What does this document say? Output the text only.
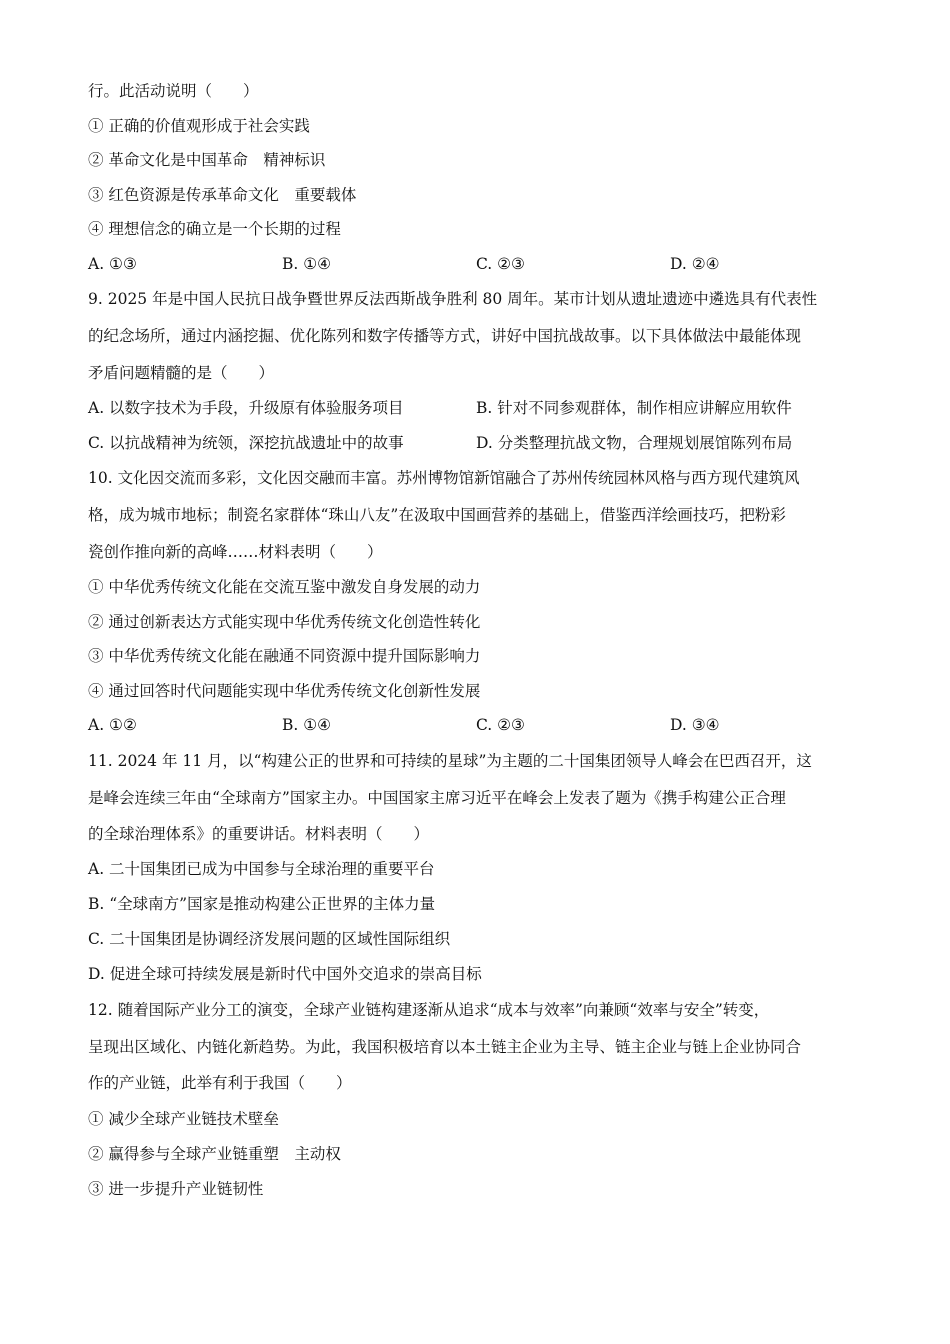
行。此活动说明（　　）
① 正确的价值观形成于社会实践
② 革命文化是中国革命　精神标识
③ 红色资源是传承革命文化　重要载体
④ 理想信念的确立是一个长期的过程
A. ①③	B. ①④	C. ②③	D. ②④
9. 2025 年是中国人民抗日战争暨世界反法西斯战争胜利 80 周年。某市计划从遗址遗迹中遴选具有代表性
的纪念场所，通过内涵挖掘、优化陈列和数字传播等方式，讲好中国抗战故事。以下具体做法中最能体现
矛盾问题精髓的是（　　）
A. 以数字技术为手段，升级原有体验服务项目	B. 针对不同参观群体，制作相应讲解应用软件
C. 以抗战精神为统领，深挖抗战遗址中的故事	D. 分类整理抗战文物，合理规划展馆陈列布局
10. 文化因交流而多彩，文化因交融而丰富。苏州博物馆新馆融合了苏州传统园林风格与西方现代建筑风
格，成为城市地标；制瓷名家群体“珠山八友”在汲取中国画营养的基础上，借鉴西洋绘画技巧，把粉彩
瓷创作推向新的高峰……材料表明（　　）
① 中华优秀传统文化能在交流互鉴中激发自身发展的动力
② 通过创新表达方式能实现中华优秀传统文化创造性转化
③ 中华优秀传统文化能在融通不同资源中提升国际影响力
④ 通过回答时代问题能实现中华优秀传统文化创新性发展
A. ①②	B. ①④	C. ②③	D. ③④
11. 2024 年 11 月，以“构建公正的世界和可持续的星球”为主题的二十国集团领导人峰会在巴西召开，这
是峰会连续三年由“全球南方”国家主办。中国国家主席习近平在峰会上发表了题为《携手构建公正合理
的全球治理体系》的重要讲话。材料表明（　　）
A. 二十国集团已成为中国参与全球治理的重要平台
B. “全球南方”国家是推动构建公正世界的主体力量
C. 二十国集团是协调经济发展问题的区域性国际组织
D. 促进全球可持续发展是新时代中国外交追求的崇高目标
12. 随着国际产业分工的演变，全球产业链构建逐渐从追求“成本与效率”向兼顾“效率与安全”转变，
呈现出区域化、内链化新趋势。为此，我国积极培育以本土链主企业为主导、链主企业与链上企业协同合
作的产业链，此举有利于我国（　　）
① 减少全球产业链技术壁垒
② 赢得参与全球产业链重塑　主动权
③ 进一步提升产业链韧性
